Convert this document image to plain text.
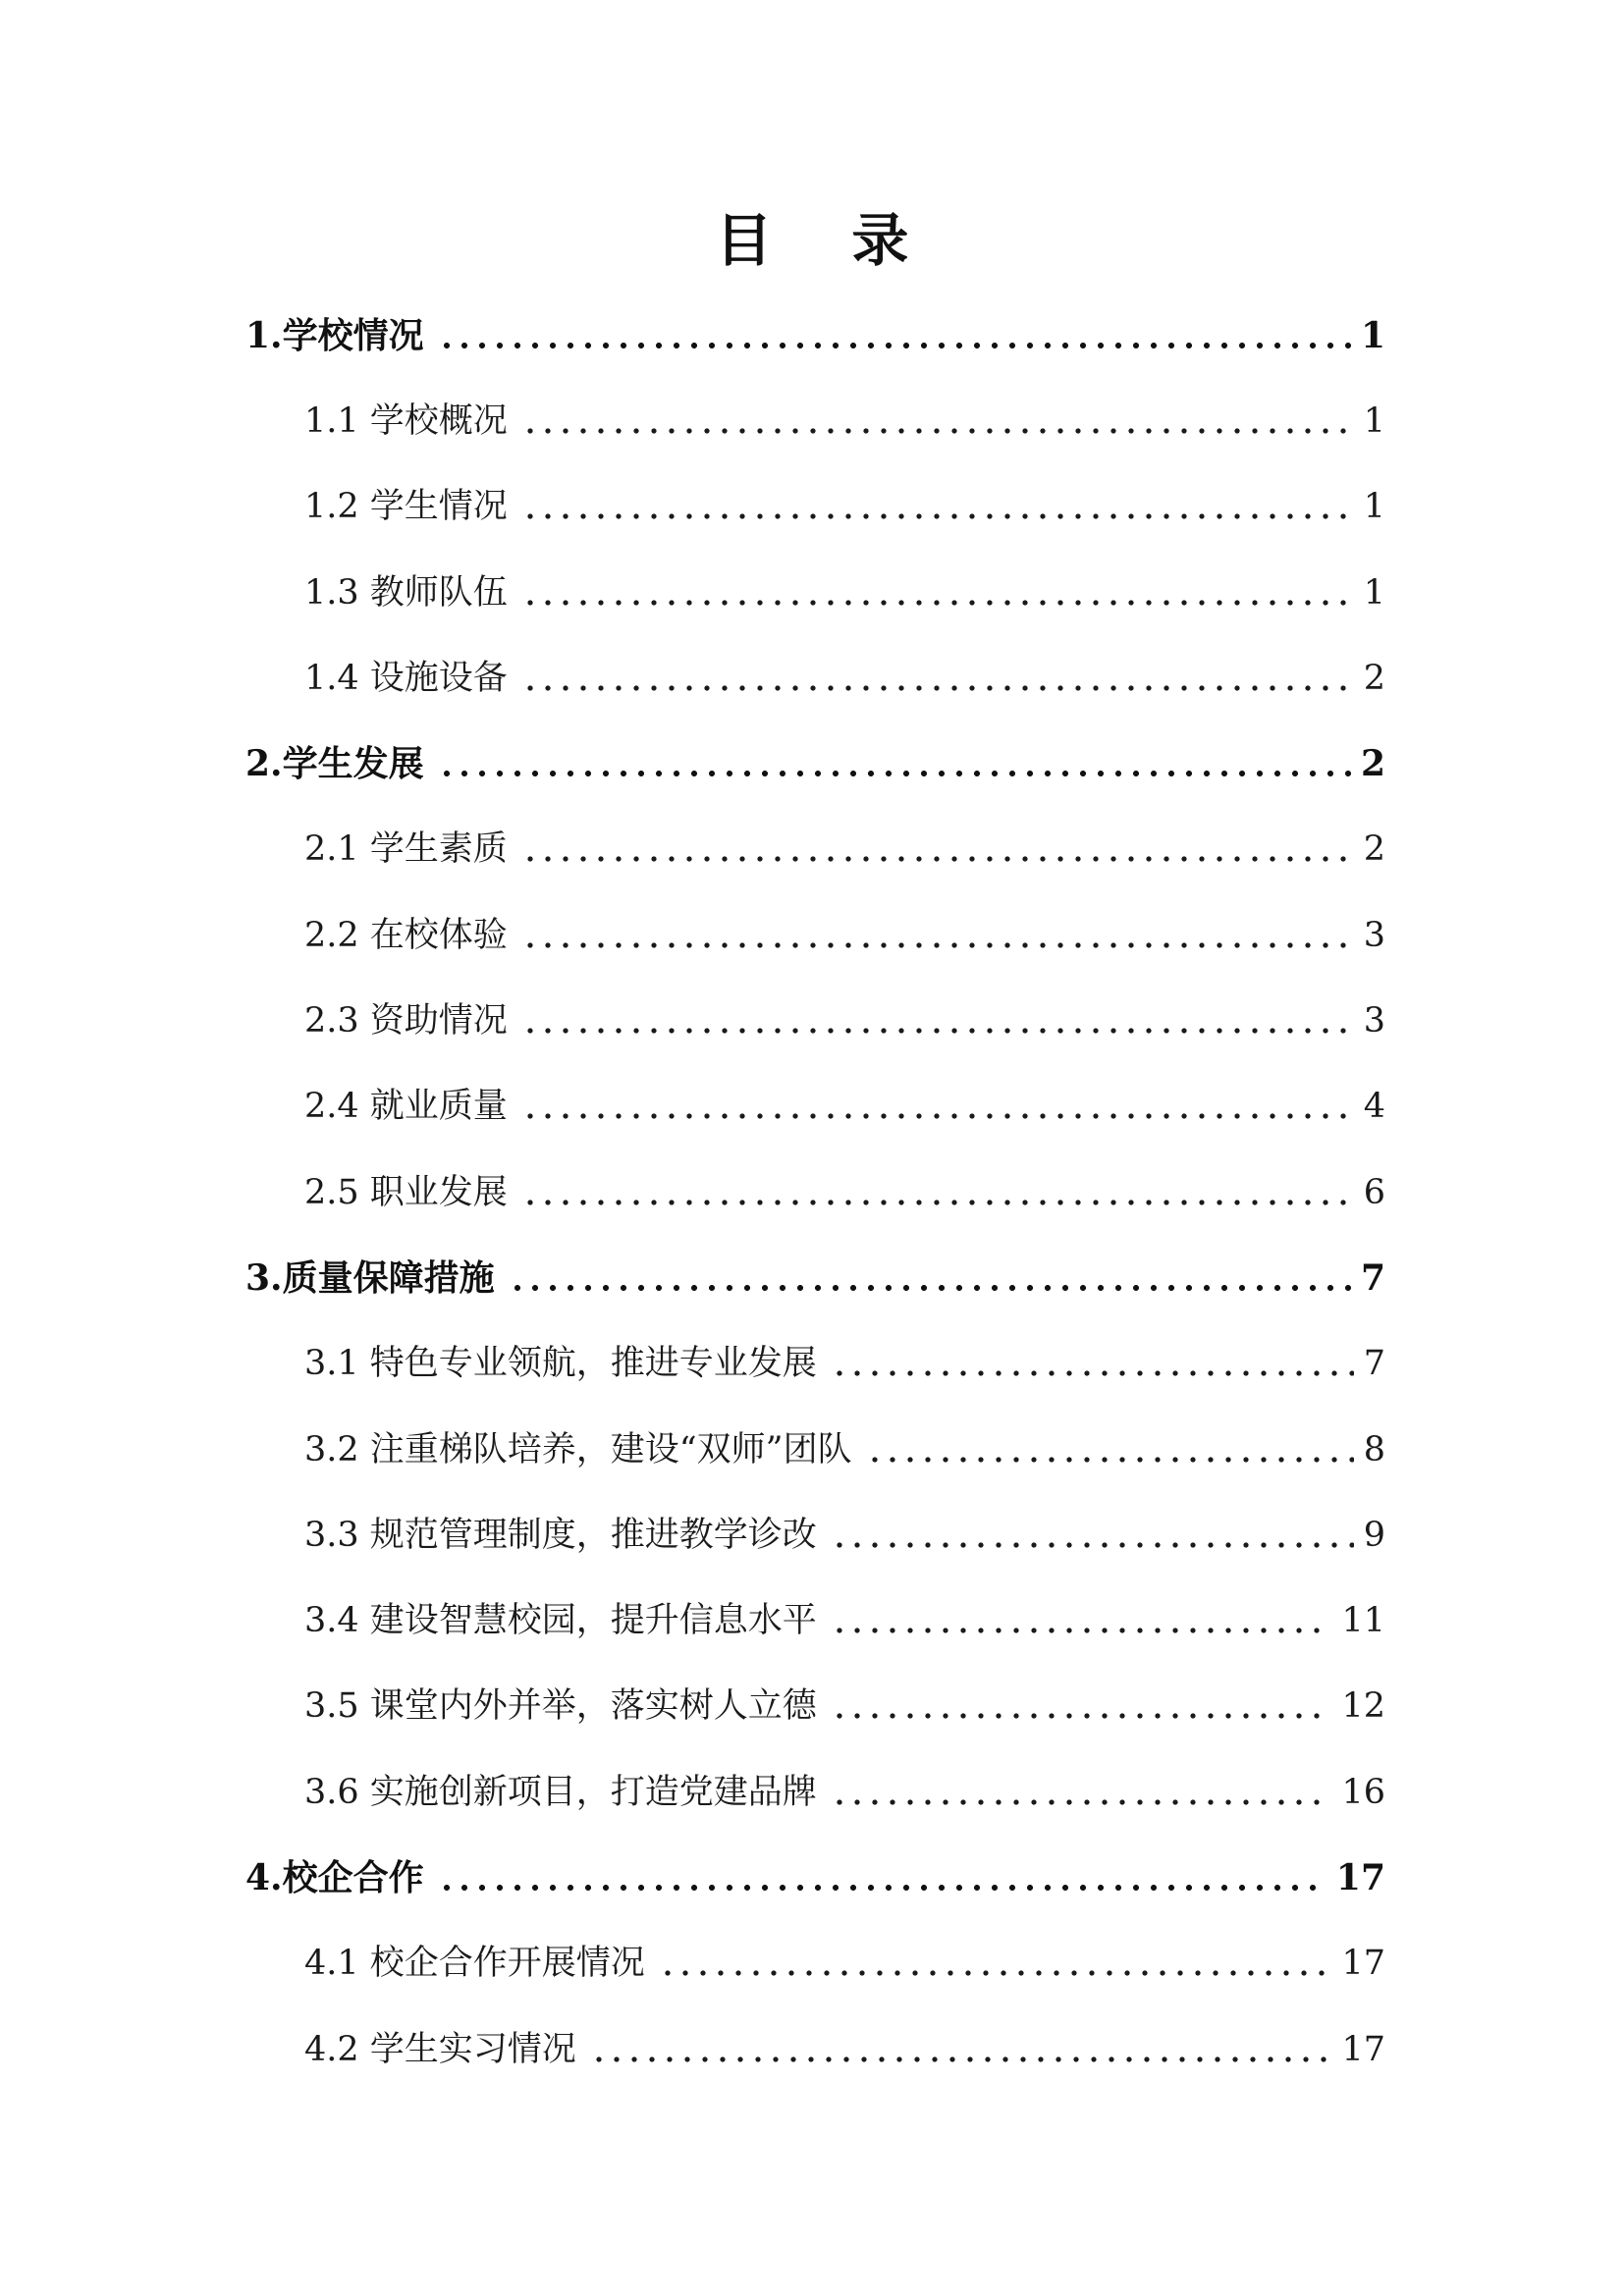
目    录
1.学校情况	1
1.1 学校概况	1
1.2 学生情况	1
1.3 教师队伍	1
1.4 设施设备	2
2.学生发展	2
2.1 学生素质	2
2.2 在校体验	3
2.3 资助情况	3
2.4 就业质量	4
2.5 职业发展	6
3.质量保障措施	7
3.1 特色专业领航，推进专业发展	7
3.2 注重梯队培养，建设“双师”团队	8
3.3 规范管理制度，推进教学诊改	9
3.4 建设智慧校园，提升信息水平	11
3.5 课堂内外并举，落实树人立德	12
3.6 实施创新项目，打造党建品牌	16
4.校企合作	17
4.1 校企合作开展情况	17
4.2 学生实习情况	17
